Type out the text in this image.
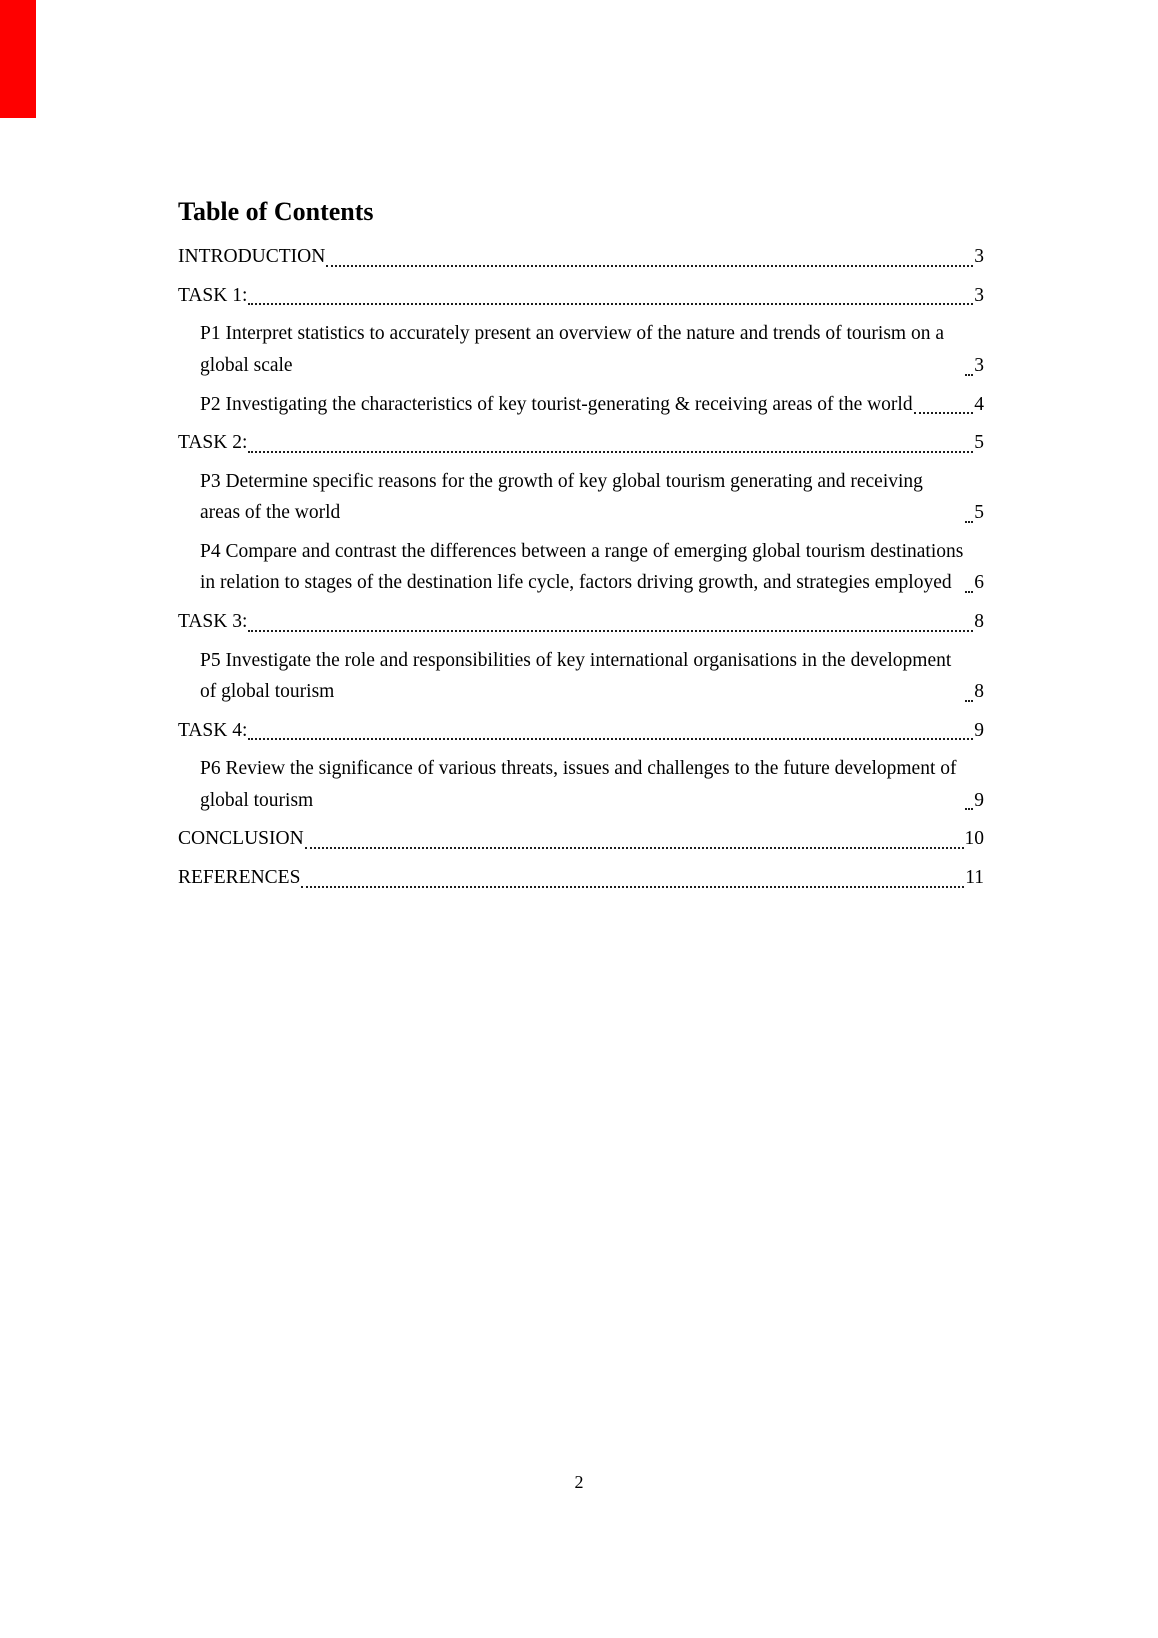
Table of Contents
INTRODUCTION	3
TASK 1:	3
P1 Interpret statistics to accurately present an overview of the nature and trends of tourism on a global scale	3
P2 Investigating the characteristics of key tourist-generating & receiving areas of the world	4
TASK 2:	5
P3 Determine specific reasons for the growth of key global tourism generating and receiving areas of the world	5
P4 Compare and contrast the differences between a range of emerging global tourism destinations in relation to stages of the destination life cycle, factors driving growth, and strategies employed	6
TASK 3:	8
P5 Investigate the role and responsibilities of key international organisations in the development of global tourism	8
TASK 4:	9
P6 Review the significance of various threats, issues and challenges to the future development of global tourism	9
CONCLUSION	10
REFERENCES	11
2
